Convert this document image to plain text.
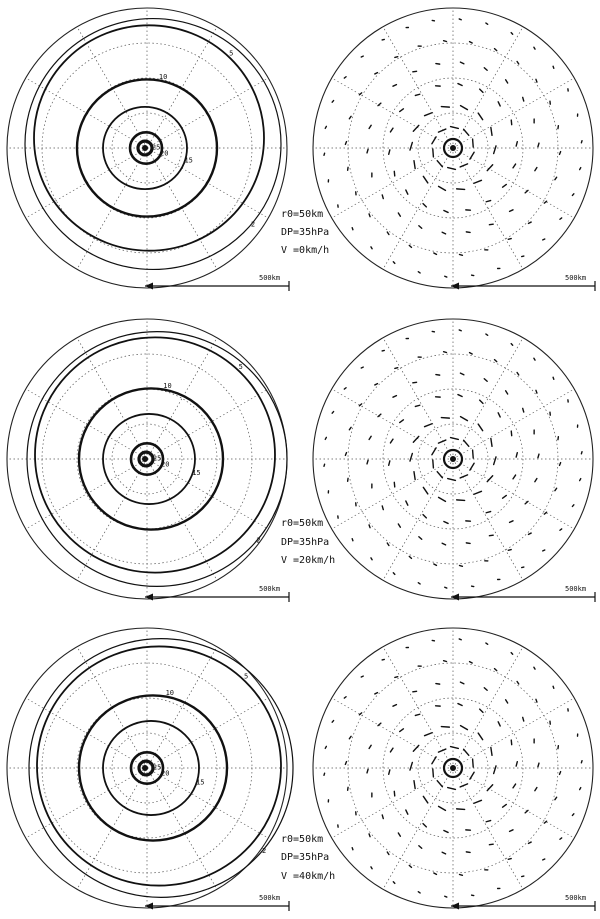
2
5
10
15
20
25
500km	500km
r0=50km
DP=35hPa
V =0km/h
2
5
10
15
20
25
500km	500km
r0=50km
DP=35hPa
V =20km/h
2
5
10
15
20
25
500km	500km
r0=50km
DP=35hPa
V =40km/h
